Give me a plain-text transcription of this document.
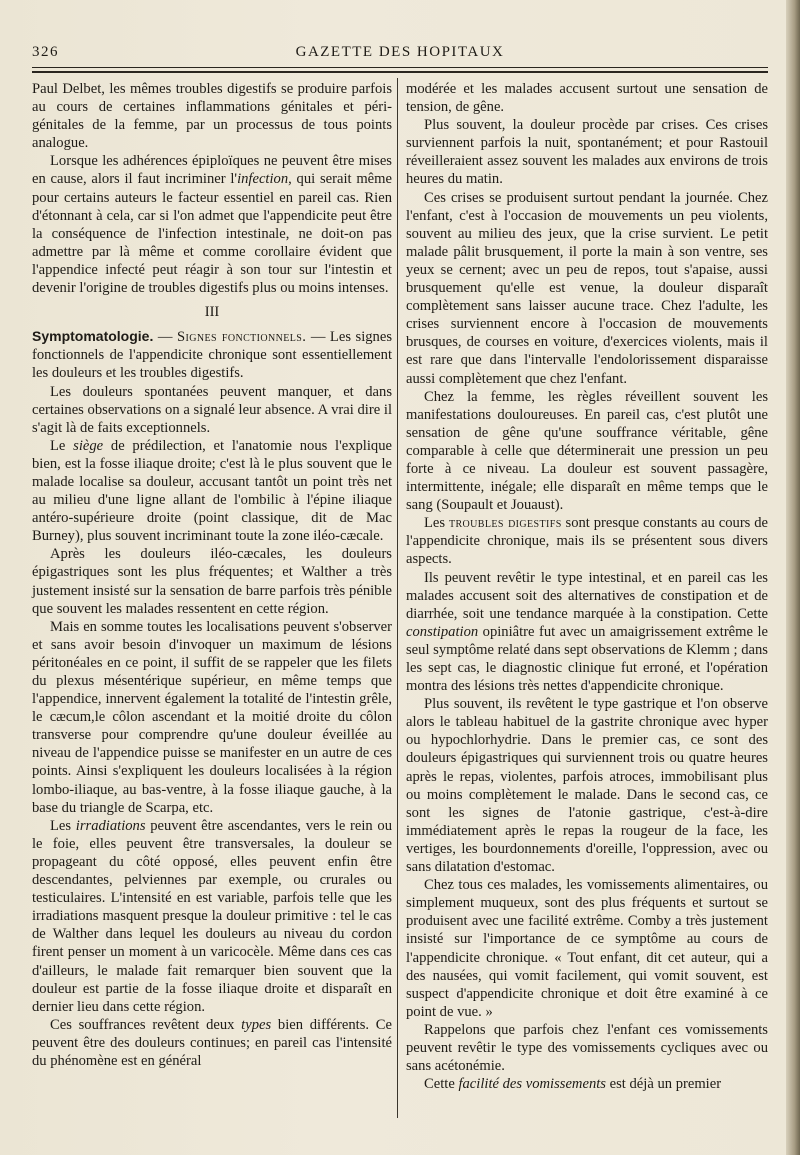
GAZETTE DES HOPITAUX
326

Paul Delbet, les mêmes troubles digestifs se produire parfois au cours de certaines inflammations génitales et péri-génitales de la femme, par un processus de tous points analogue.

Lorsque les adhérences épiploïques ne peuvent être mises en cause, alors il faut incriminer l'infection, qui serait même pour certains auteurs le facteur essentiel en pareil cas. Rien d'étonnant à cela, car si l'on admet que l'appendicite peut être la conséquence de l'infection intestinale, ne doit-on pas admettre par là même et comme corollaire évident que l'appendice infecté peut réagir à son tour sur l'intestin et devenir l'origine de troubles digestifs plus ou moins intenses.

III

Symptomatologie. — Signes fonctionnels. — Les signes fonctionnels de l'appendicite chronique sont essentiellement les douleurs et les troubles digestifs.

Les douleurs spontanées peuvent manquer, et dans certaines observations on a signalé leur absence. A vrai dire il s'agit là de faits exceptionnels.

Le siège de prédilection, et l'anatomie nous l'explique bien, est la fosse iliaque droite; c'est là le plus souvent que le malade localise sa douleur, accusant tantôt un point très net au milieu d'une ligne allant de l'ombilic à l'épine iliaque antéro-supérieure droite (point classique, dit de Mac Burney), plus souvent incriminant toute la zone iléo-cæcale.

Après les douleurs iléo-cæcales, les douleurs épigastriques sont les plus fréquentes; et Walther a très justement insisté sur la sensation de barre parfois très pénible que souvent les malades ressentent en cette région.

Mais en somme toutes les localisations peuvent s'observer et sans avoir besoin d'invoquer un maximum de lésions péritonéales en ce point, il suffit de se rappeler que les filets du plexus mésentérique supérieur, en même temps que l'appendice, innervent également la totalité de l'intestin grêle, le cæcum,le côlon ascendant et la moitié droite du côlon transverse pour comprendre qu'une douleur éveillée au niveau de l'appendice puisse se manifester en un autre de ces points. Ainsi s'expliquent les douleurs localisées à la région lombo-iliaque, au bas-ventre, à la fosse iliaque gauche, à la base du triangle de Scarpa, etc.

Les irradiations peuvent être ascendantes, vers le rein ou le foie, elles peuvent être transversales, la douleur se propageant du côté opposé, elles peuvent enfin être descendantes, pelviennes par exemple, ou crurales ou testiculaires. L'intensité en est variable, parfois telle que les irradiations masquent presque la douleur primitive : tel le cas de Walther dans lequel les douleurs au niveau du cordon firent penser un moment à un varicocèle. Même dans ces cas d'ailleurs, le malade fait remarquer bien souvent que la douleur est partie de la fosse iliaque droite et disparaît en dernier lieu dans cette région.

Ces souffrances revêtent deux types bien différents. Ce peuvent être des douleurs continues; en pareil cas l'intensité du phénomène est en général

modérée et les malades accusent surtout une sensation de tension, de gêne.

Plus souvent, la douleur procède par crises. Ces crises surviennent parfois la nuit, spontanément; et pour Rastouil réveilleraient assez souvent les malades aux environs de trois heures du matin.

Ces crises se produisent surtout pendant la journée. Chez l'enfant, c'est à l'occasion de mouvements un peu violents, souvent au milieu des jeux, que la crise survient. Le petit malade pâlit brusquement, il porte la main à son ventre, ses yeux se cernent; avec un peu de repos, tout s'apaise, aussi brusquement qu'elle est venue, la douleur disparaît complètement sans laisser aucune trace. Chez l'adulte, les crises surviennent encore à l'occasion de mouvements brusques, de courses en voiture, d'exercices violents, mais il est rare que dans l'intervalle l'endolorissement disparaisse aussi complètement que chez l'enfant.

Chez la femme, les règles réveillent souvent les manifestations douloureuses. En pareil cas, c'est plutôt une sensation de gêne qu'une souffrance véritable, gêne comparable à celle que déterminerait une pression un peu forte à ce niveau. La douleur est souvent passagère, intermittente, inégale; elle disparaît en même temps que le sang (Soupault et Jouaust).

Les troubles digestifs sont presque constants au cours de l'appendicite chronique, mais ils se présentent sous divers aspects.

Ils peuvent revêtir le type intestinal, et en pareil cas les malades accusent soit des alternatives de constipation et de diarrhée, soit une tendance marquée à la constipation. Cette constipation opiniâtre fut avec un amaigrissement extrême le seul symptôme relaté dans sept observations de Klemm ; dans les sept cas, le diagnostic clinique fut erroné, et l'opération montra des lésions très nettes d'appendicite chronique.

Plus souvent, ils revêtent le type gastrique et l'on observe alors le tableau habituel de la gastrite chronique avec hyper ou hypochlorhydrie. Dans le premier cas, ce sont des douleurs épigastriques qui surviennent trois ou quatre heures après le repas, violentes, parfois atroces, immobilisant plus ou moins complètement le malade. Dans le second cas, ce sont les signes de l'atonie gastrique, c'est-à-dire immédiatement après le repas la rougeur de la face, les vertiges, les bourdonnements d'oreille, l'oppression, avec ou sans dilatation d'estomac.

Chez tous ces malades, les vomissements alimentaires, ou simplement muqueux, sont des plus fréquents et surtout se produisent avec une facilité extrême. Comby a très justement insisté sur l'importance de ce symptôme au cours de l'appendicite chronique. « Tout enfant, dit cet auteur, qui a des nausées, qui vomit facilement, qui vomit souvent, est suspect d'appendicite chronique et doit être examiné à ce point de vue. »

Rappelons que parfois chez l'enfant ces vomissements peuvent revêtir le type des vomissements cycliques avec ou sans acétonémie.

Cette facilité des vomissements est déjà un premier
